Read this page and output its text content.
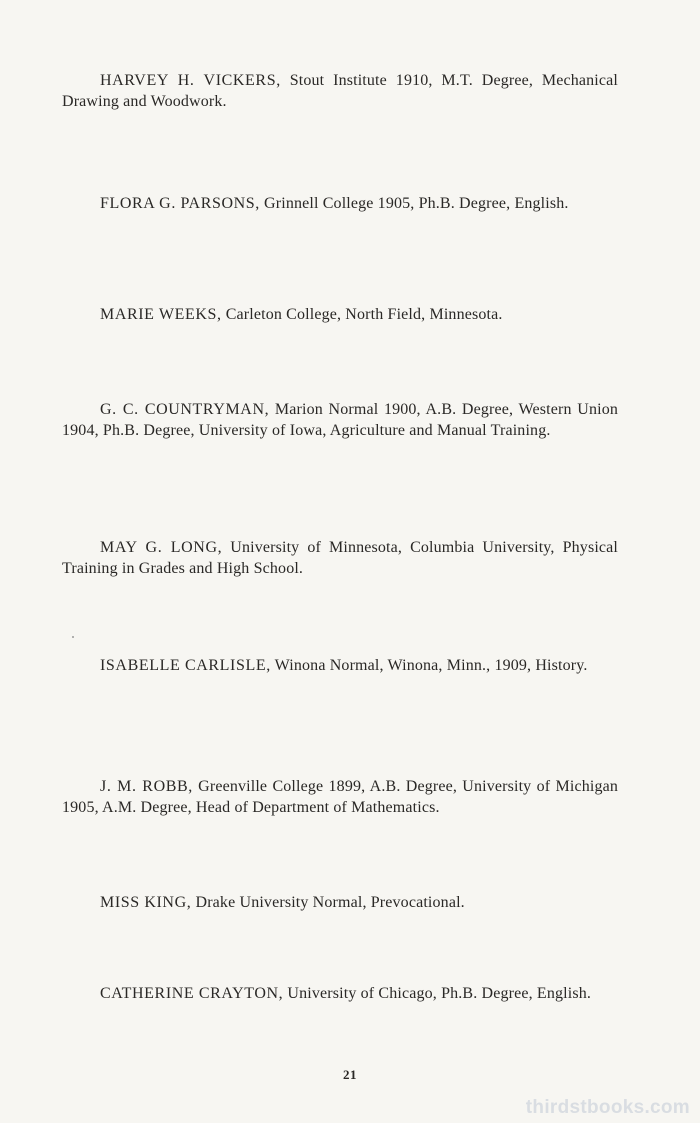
HARVEY H. VICKERS, Stout Institute 1910, M.T. Degree, Mechanical Drawing and Woodwork.

FLORA G. PARSONS, Grinnell College 1905, Ph.B. Degree, English.

MARIE WEEKS, Carleton College, North Field, Minnesota.

G. C. COUNTRYMAN, Marion Normal 1900, A.B. Degree, Western Union 1904, Ph.B. Degree, University of Iowa, Agriculture and Manual Training.

MAY G. LONG, University of Minnesota, Columbia University, Physical Training in Grades and High School.

ISABELLE CARLISLE, Winona Normal, Winona, Minn., 1909, History.

J. M. ROBB, Greenville College 1899, A.B. Degree, University of Michigan 1905, A.M. Degree, Head of Department of Mathematics.

MISS KING, Drake University Normal, Prevocational.

CATHERINE CRAYTON, University of Chicago, Ph.B. Degree, English.

21
thirdstbooks.com
